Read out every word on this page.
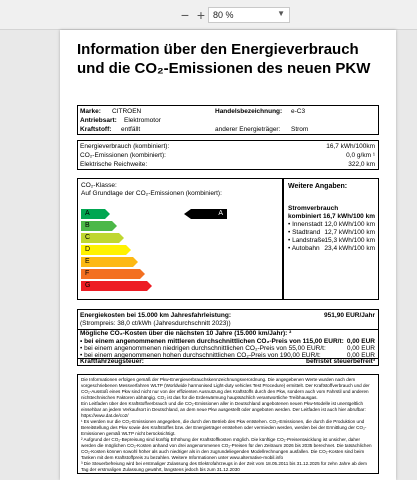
− + 80 %	▼
Information über den Energieverbrauch und die CO₂-Emissionen des neuen PKW
Marke: CITROEN	Handelsbezeichnung: e-C3
Antriebsart: Elektromotor
Kraftstoff: entfällt	anderer Energieträger: Strom
Energieverbrauch (kombiniert):	16,7 kWh/100km
CO₂-Emissionen (kombiniert):	0,0 g/km ¹
Elektrische Reichweite:	322,0 km
CO₂-Klasse:
Auf Grundlage der CO₂-Emissionen (kombiniert):
A
B
C
D
E
F
G
A
Weitere Angaben:
Stromverbrauch
kombiniert 16,7 kWh/100 km
• Innenstadt 12,0 kWh/100 km
• Stadtrand 12,7 kWh/100 km
• Landstraße 15,3 kWh/100 km
• Autobahn 23,4 kWh/100 km
Energiekosten bei 15.000 km Jahresfahrleistung:	951,90 EUR/Jahr
(Strompreis: 38,0 ct/kWh (Jahresdurchschnitt 2023))
Mögliche CO₂-Kosten über die nächsten 10 Jahre (15.000 km/Jahr): ²
• bei einem angenommenen mittleren durchschnittlichen CO₂-Preis von 115,00 EUR/t: 0,00 EUR
• bei einem angenommenen niedrigen durchschnittlichen CO₂-Preis von 55,00 EUR/t:	0,00 EUR
• bei einem angenommenen hohen durchschnittlichen CO₂-Preis von 190,00 EUR/t:	0,00 EUR
Kraftfahrzeugsteuer:	befristet steuerbefreit³

Die Informationen erfolgen gemäß der Pkw-Energieverbrauchskennzeichnungsverordnung. Die angegebenen Werte wurden nach dem vorgeschriebenen Messverfahren WLTP (Worldwide harmonised Light-duty vehicles Test Procedure) ermittelt. Der Kraftstoffverbrauch und der CO₂-Ausstoß eines Pkw sind nicht nur von der effizienten Ausnutzung des Kraftstoffs durch den Pkw, sondern auch vom Fahrstil und anderen nichttechnischen Faktoren abhängig. CO₂ ist das für die Erderwärmung hauptsächlich verantwortliche Treibhausgas.

Ein Leitfaden über den Kraftstoffverbrauch und die CO₂-Emissionen aller in Deutschland angebotenen neuen Pkw-Modelle ist unentgeltlich einsehbar an jedem Verkaufsort in Deutschland, an dem neue Pkw ausgestellt oder angeboten werden. Der Leitfaden ist auch hier abrufbar: https://www.dat.de/co2/

¹ Es werden nur die CO₂-Emissionen angegeben, die durch den Betrieb des Pkw entstehen. CO₂-Emissionen, die durch die Produktion und Bereitstellung des Pkw sowie des Kraftstoffes bzw. der Energieträger entstehen oder vermieden werden, werden bei der Ermittlung der CO₂-Emissionen gemäß WLTP nicht berücksichtigt.

² Aufgrund der CO₂-Bepreisung sind künftig Erhöhung der Kraftstoffkosten möglich. Die künftige CO₂-Preisentwicklung ist unsicher, daher werden die möglichen CO₂-Kosten anhand von drei angenommenen CO₂-Preisen für den Zeitraum 2026 bis 2035 berechnet. Die tatsächlichen CO₂-Kosten können sowohl höher als auch niedriger als in den zugrundeliegenden Modellrechnungen ausfallen. Die CO₂-Kosten sind beim Tanken mit dem Kraftstoffpreis zu bezahlen. Weitere Informationen unter www.alternative-mobil.info

³ Die Steuerbefreiung wird bei erstmaliger Zulassung des Elektrofahrzeugs in der Zeit vom 18.05.2011 bis 31.12.2025 für zehn Jahre ab dem Tag der erstmaligen Zulassung gewährt, längstens jedoch bis zum 31.12.2030
